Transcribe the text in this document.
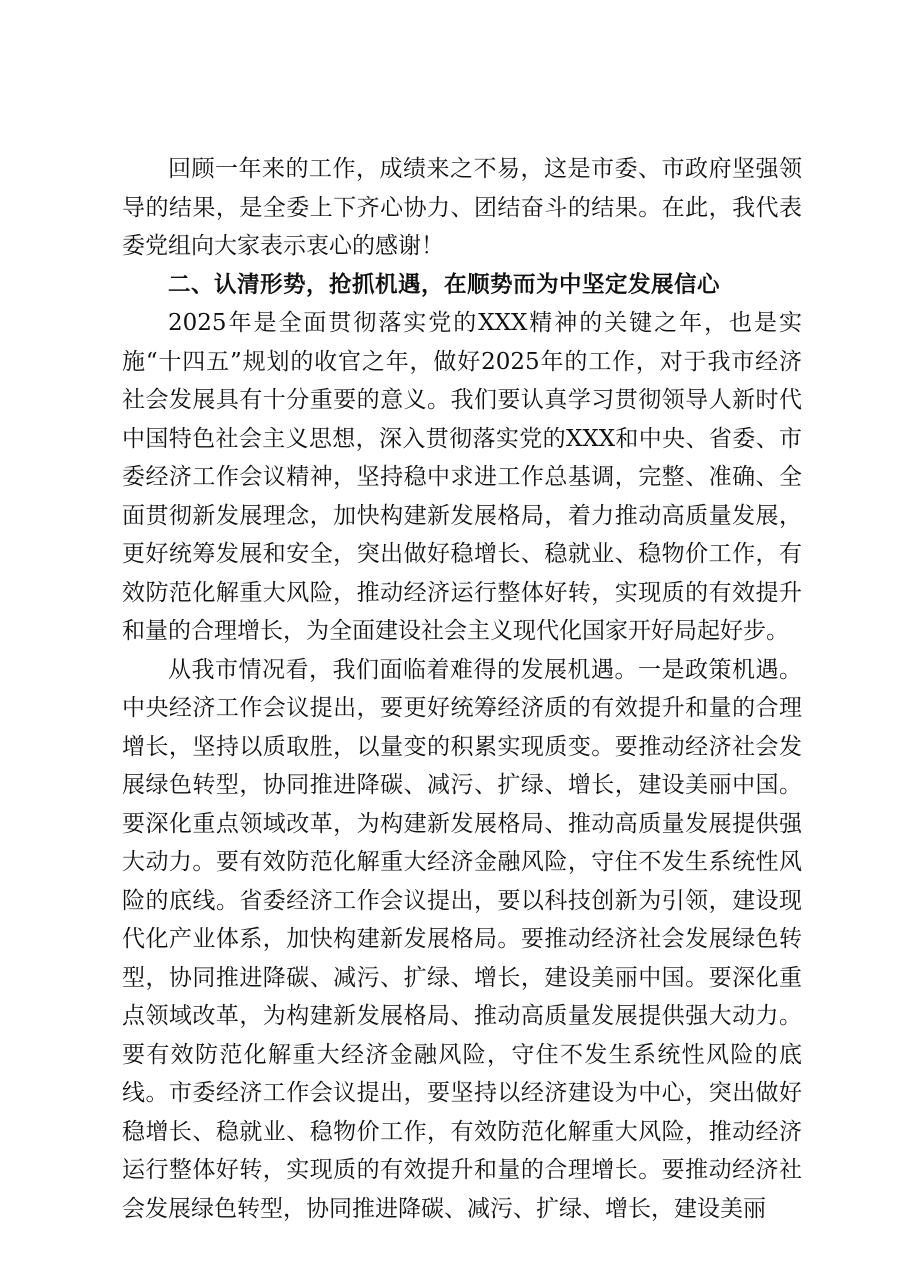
回顾一年来的工作，成绩来之不易，这是市委、市政府坚强领导的结果，是全委上下齐心协力、团结奋斗的结果。在此，我代表委党组向大家表示衷心的感谢！

二、认清形势，抢抓机遇，在顺势而为中坚定发展信心

2025年是全面贯彻落实党的XXX精神的关键之年，也是实施“十四五”规划的收官之年，做好2025年的工作，对于我市经济社会发展具有十分重要的意义。我们要认真学习贯彻领导人新时代中国特色社会主义思想，深入贯彻落实党的XXX和中央、省委、市委经济工作会议精神，坚持稳中求进工作总基调，完整、准确、全面贯彻新发展理念，加快构建新发展格局，着力推动高质量发展，更好统筹发展和安全，突出做好稳增长、稳就业、稳物价工作，有效防范化解重大风险，推动经济运行整体好转，实现质的有效提升和量的合理增长，为全面建设社会主义现代化国家开好局起好步。

从我市情况看，我们面临着难得的发展机遇。一是政策机遇。中央经济工作会议提出，要更好统筹经济质的有效提升和量的合理增长，坚持以质取胜，以量变的积累实现质变。要推动经济社会发展绿色转型，协同推进降碳、减污、扩绿、增长，建设美丽中国。要深化重点领域改革，为构建新发展格局、推动高质量发展提供强大动力。要有效防范化解重大经济金融风险，守住不发生系统性风险的底线。省委经济工作会议提出，要以科技创新为引领，建设现代化产业体系，加快构建新发展格局。要推动经济社会发展绿色转型，协同推进降碳、减污、扩绿、增长，建设美丽中国。要深化重点领域改革，为构建新发展格局、推动高质量发展提供强大动力。要有效防范化解重大经济金融风险，守住不发生系统性风险的底线。市委经济工作会议提出，要坚持以经济建设为中心，突出做好稳增长、稳就业、稳物价工作，有效防范化解重大风险，推动经济运行整体好转，实现质的有效提升和量的合理增长。要推动经济社会发展绿色转型，协同推进降碳、减污、扩绿、增长，建设美丽
